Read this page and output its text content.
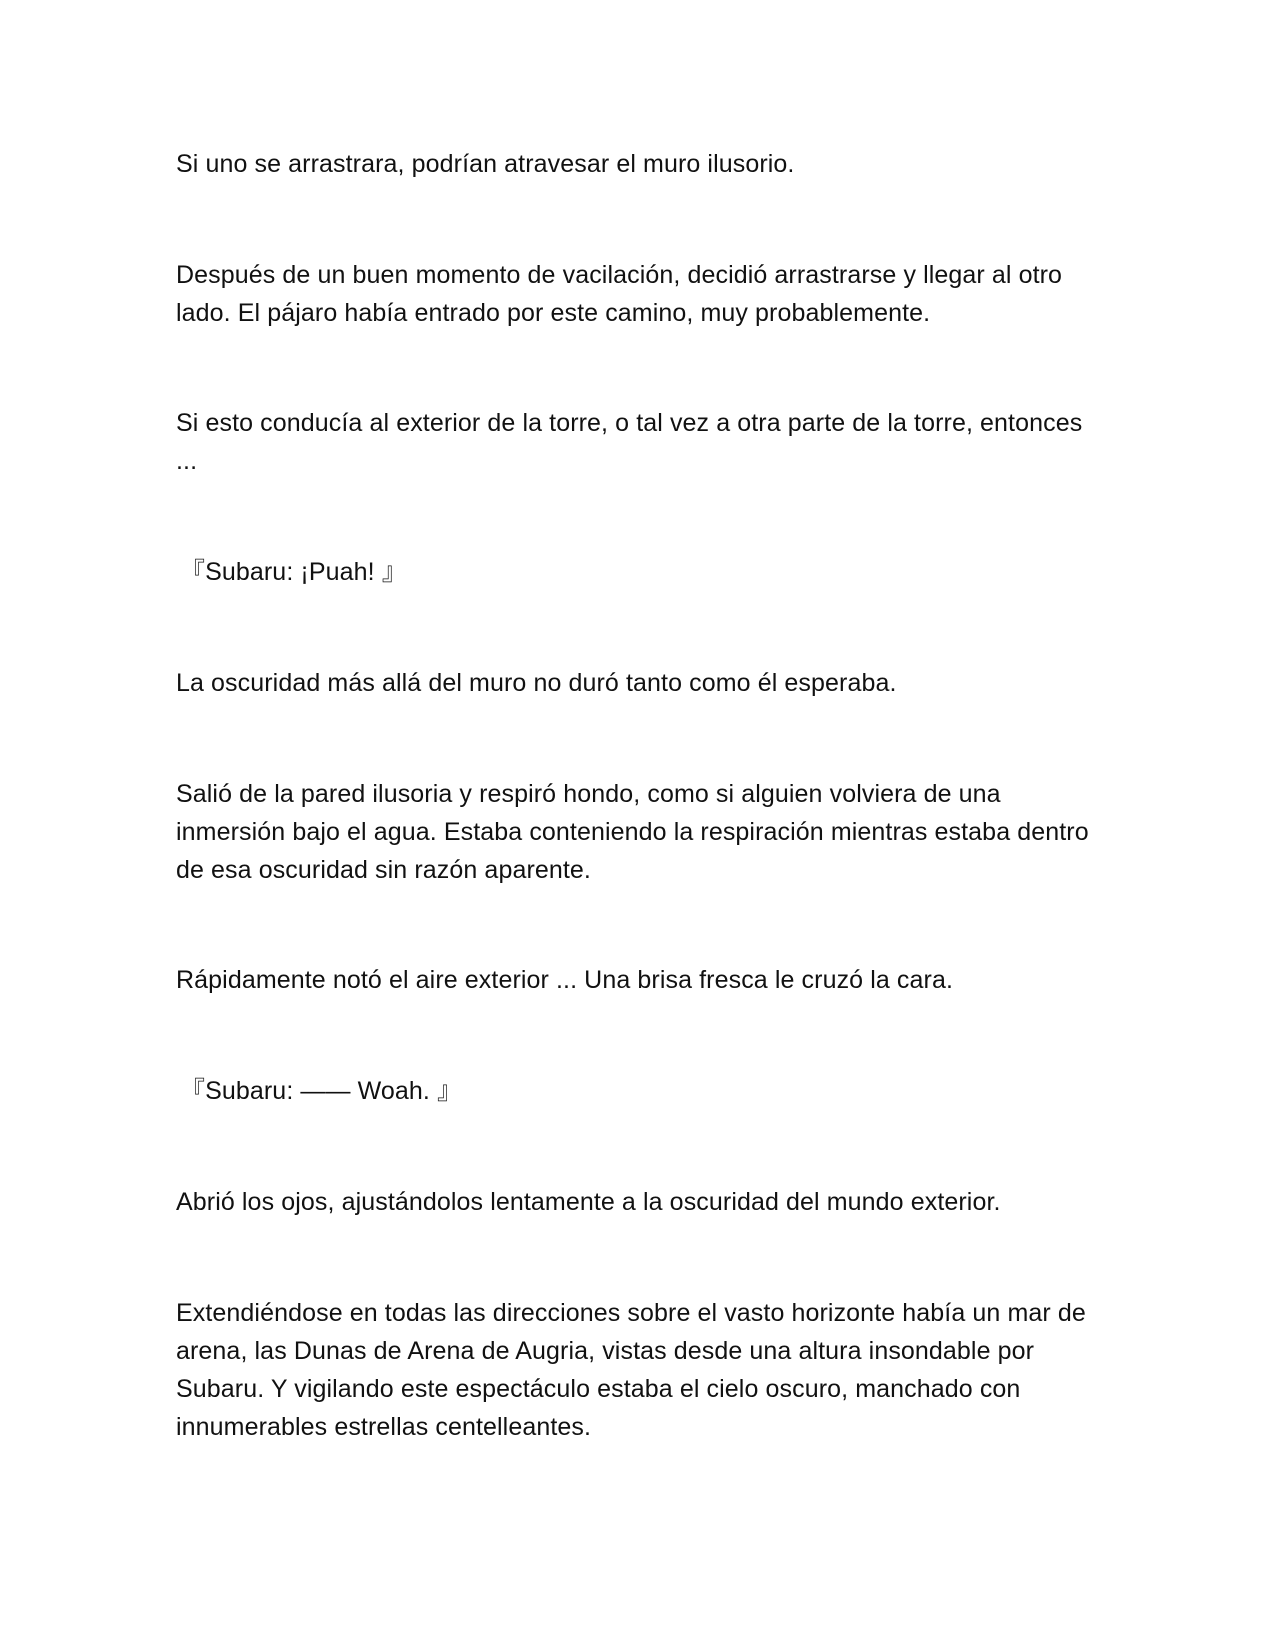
Si uno se arrastrara, podrían atravesar el muro ilusorio.

Después de un buen momento de vacilación, decidió arrastrarse y llegar al otro lado. El pájaro había entrado por este camino, muy probablemente.

Si esto conducía al exterior de la torre, o tal vez a otra parte de la torre, entonces ...

『Subaru: ¡Puah! 』

La oscuridad más allá del muro no duró tanto como él esperaba.

Salió de la pared ilusoria y respiró hondo, como si alguien volviera de una inmersión bajo el agua. Estaba conteniendo la respiración mientras estaba dentro de esa oscuridad sin razón aparente.

Rápidamente notó el aire exterior ... Una brisa fresca le cruzó la cara.

『Subaru: —— Woah. 』

Abrió los ojos, ajustándolos lentamente a la oscuridad del mundo exterior.

Extendiéndose en todas las direcciones sobre el vasto horizonte había un mar de arena, las Dunas de Arena de Augria, vistas desde una altura insondable por Subaru. Y vigilando este espectáculo estaba el cielo oscuro, manchado con innumerables estrellas centelleantes.
